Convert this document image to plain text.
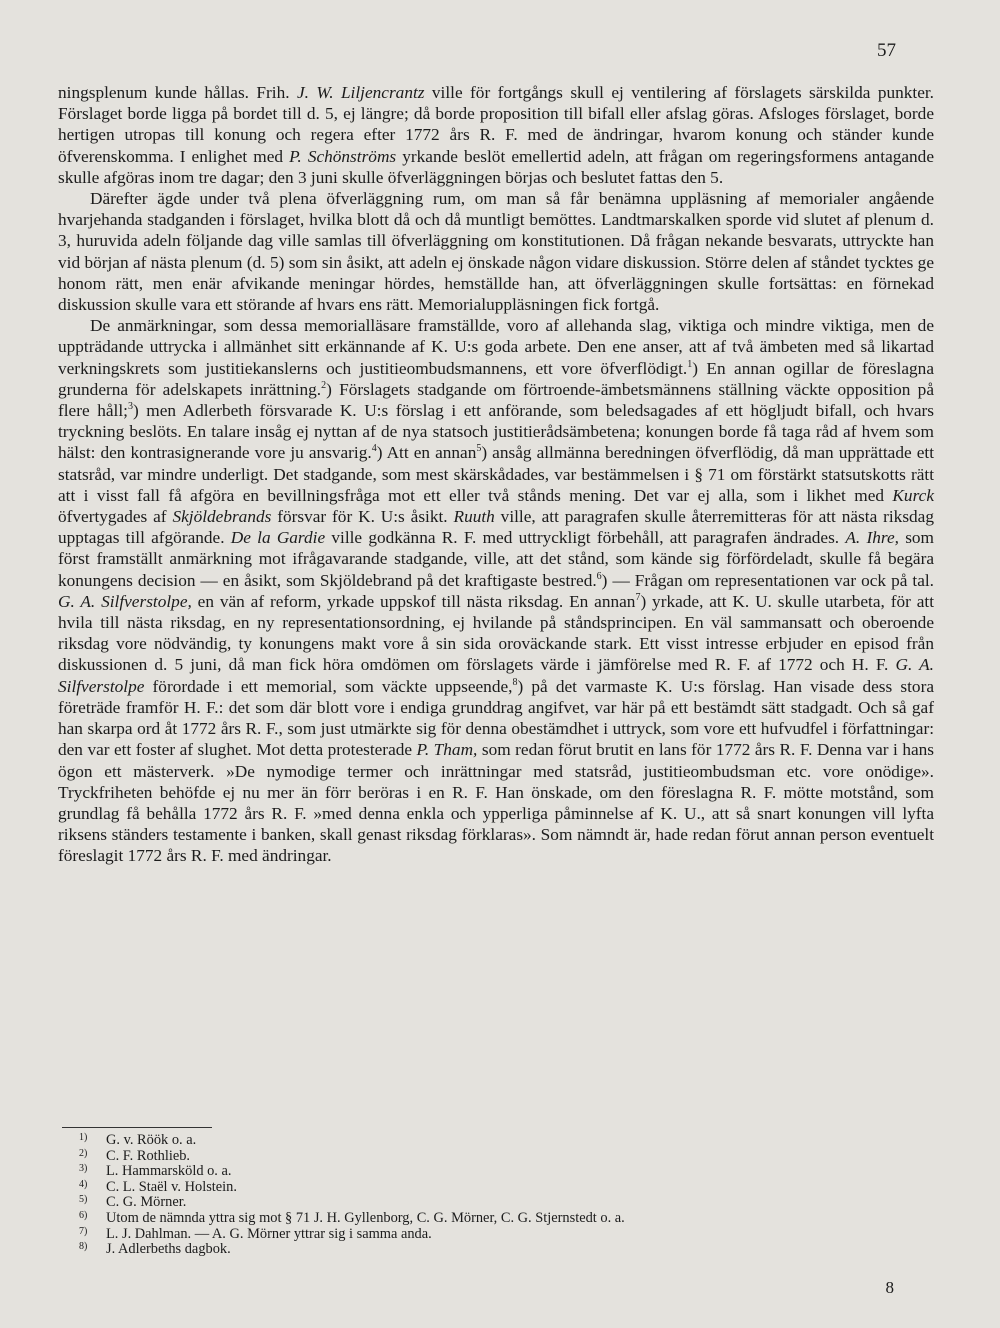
57

ningsplenum kunde hållas. Frih. J. W. Liljencrantz ville för fortgångs skull ej ventilering af förslagets särskilda punkter. Förslaget borde ligga på bordet till d. 5, ej längre; då borde proposition till bifall eller afslag göras. Afsloges förslaget, borde hertigen utropas till konung och regera efter 1772 års R. F. med de ändringar, hvarom konung och ständer kunde öfverenskomma. I enlighet med P. Schönströms yrkande beslöt emellertid adeln, att frågan om regeringsformens antagande skulle afgöras inom tre dagar; den 3 juni skulle öfverläggningen börjas och beslutet fattas den 5.

Därefter ägde under två plena öfverläggning rum, om man så får benämna uppläsning af memorialer angående hvarjehanda stadganden i förslaget, hvilka blott då och då muntligt bemöttes. Landtmarskalken sporde vid slutet af plenum d. 3, huruvida adeln följande dag ville samlas till öfverläggning om konstitutionen. Då frågan nekande besvarats, uttryckte han vid början af nästa plenum (d. 5) som sin åsikt, att adeln ej önskade någon vidare diskussion. Större delen af ståndet tycktes ge honom rätt, men enär afvikande meningar hördes, hemställde han, att öfverläggningen skulle fortsättas: en förnekad diskussion skulle vara ett störande af hvars ens rätt. Memorialuppläsningen fick fortgå.

De anmärkningar, som dessa memorialläsare framställde, voro af allehanda slag, viktiga och mindre viktiga, men de uppträdande uttrycka i allmänhet sitt erkännande af K. U:s goda arbete. Den ene anser, att af två ämbeten med så likartad verkningskrets som justitiekanslerns och justitieombudsmannens, ett vore öfverflödigt.$^1$) En annan ogillar de föreslagna grunderna för adelskapets inrättning.$^2$) Förslagets stadgande om förtroende-ämbetsmännens ställning väckte opposition på flere håll;$^3$) men Adlerbeth försvarade K. U:s förslag i ett anförande, som beledsagades af ett högljudt bifall, och hvars tryckning beslöts. En talare insåg ej nyttan af de nya statsoch justitierådsämbetena; konungen borde få taga råd af hvem som hälst: den kontrasignerande vore ju ansvarig.$^4$) Att en annan$^5$) ansåg allmänna beredningen öfverflödig, då man upprättade ett statsråd, var mindre underligt. Det stadgande, som mest skärskådades, var bestämmelsen i § 71 om förstärkt statsutskotts rätt att i visst fall få afgöra en bevillningsfråga mot ett eller två stånds mening. Det var ej alla, som i likhet med Kurck öfvertygades af Skjöldebrands försvar för K. U:s åsikt. Ruuth ville, att paragrafen skulle återremitteras för att nästa riksdag upptagas till afgörande. De la Gardie ville godkänna R. F. med uttryckligt förbehåll, att paragrafen ändrades. A. Ihre, som först framställt anmärkning mot ifrågavarande stadgande, ville, att det stånd, som kände sig förfördeladt, skulle få begära konungens decision — en åsikt, som Skjöldebrand på det kraftigaste bestred.$^6$) — Frågan om representationen var ock på tal. G. A. Silfverstolpe, en vän af reform, yrkade uppskof till nästa riksdag. En annan$^7$) yrkade, att K. U. skulle utarbeta, för att hvila till nästa riksdag, en ny representationsordning, ej hvilande på ståndsprincipen. En väl sammansatt och oberoende riksdag vore nödvändig, ty konungens makt vore å sin sida oroväckande stark. Ett visst intresse erbjuder en episod från diskussionen d. 5 juni, då man fick höra omdömen om förslagets värde i jämförelse med R. F. af 1772 och H. F. G. A. Silfverstolpe förordade i ett memorial, som väckte uppseende,$^8$) på det varmaste K. U:s förslag. Han visade dess stora företräde framför H. F.: det som där blott vore i endiga grunddrag angifvet, var här på ett bestämdt sätt stadgadt. Och så gaf han skarpa ord åt 1772 års R. F., som just utmärkte sig för denna obestämdhet i uttryck, som vore ett hufvudfel i författningar: den var ett foster af slughet. Mot detta protesterade P. Tham, som redan förut brutit en lans för 1772 års R. F. Denna var i hans ögon ett mästerverk. »De nymodige termer och inrättningar med statsråd, justitieombudsman etc. vore onödige». Tryckfriheten behöfde ej nu mer än förr beröras i en R. F. Han önskade, om den föreslagna R. F. mötte motstånd, som grundlag få behålla 1772 års R. F. »med denna enkla och ypperliga påminnelse af K. U., att så snart konungen vill lyfta riksens ständers testamente i banken, skall genast riksdag förklaras». Som nämndt är, hade redan förut annan person eventuelt föreslagit 1772 års R. F. med ändringar.

1) G. v. Röök o. a.
2) C. F. Rothlieb.
3) L. Hammarsköld o. a.
4) C. L. Staël v. Holstein.
5) C. G. Mörner.
6) Utom de nämnda yttra sig mot § 71 J. H. Gyllenborg, C. G. Mörner, C. G. Stjernstedt o. a.
7) L. J. Dahlman. — A. G. Mörner yttrar sig i samma anda.
8) J. Adlerbeths dagbok.
8
